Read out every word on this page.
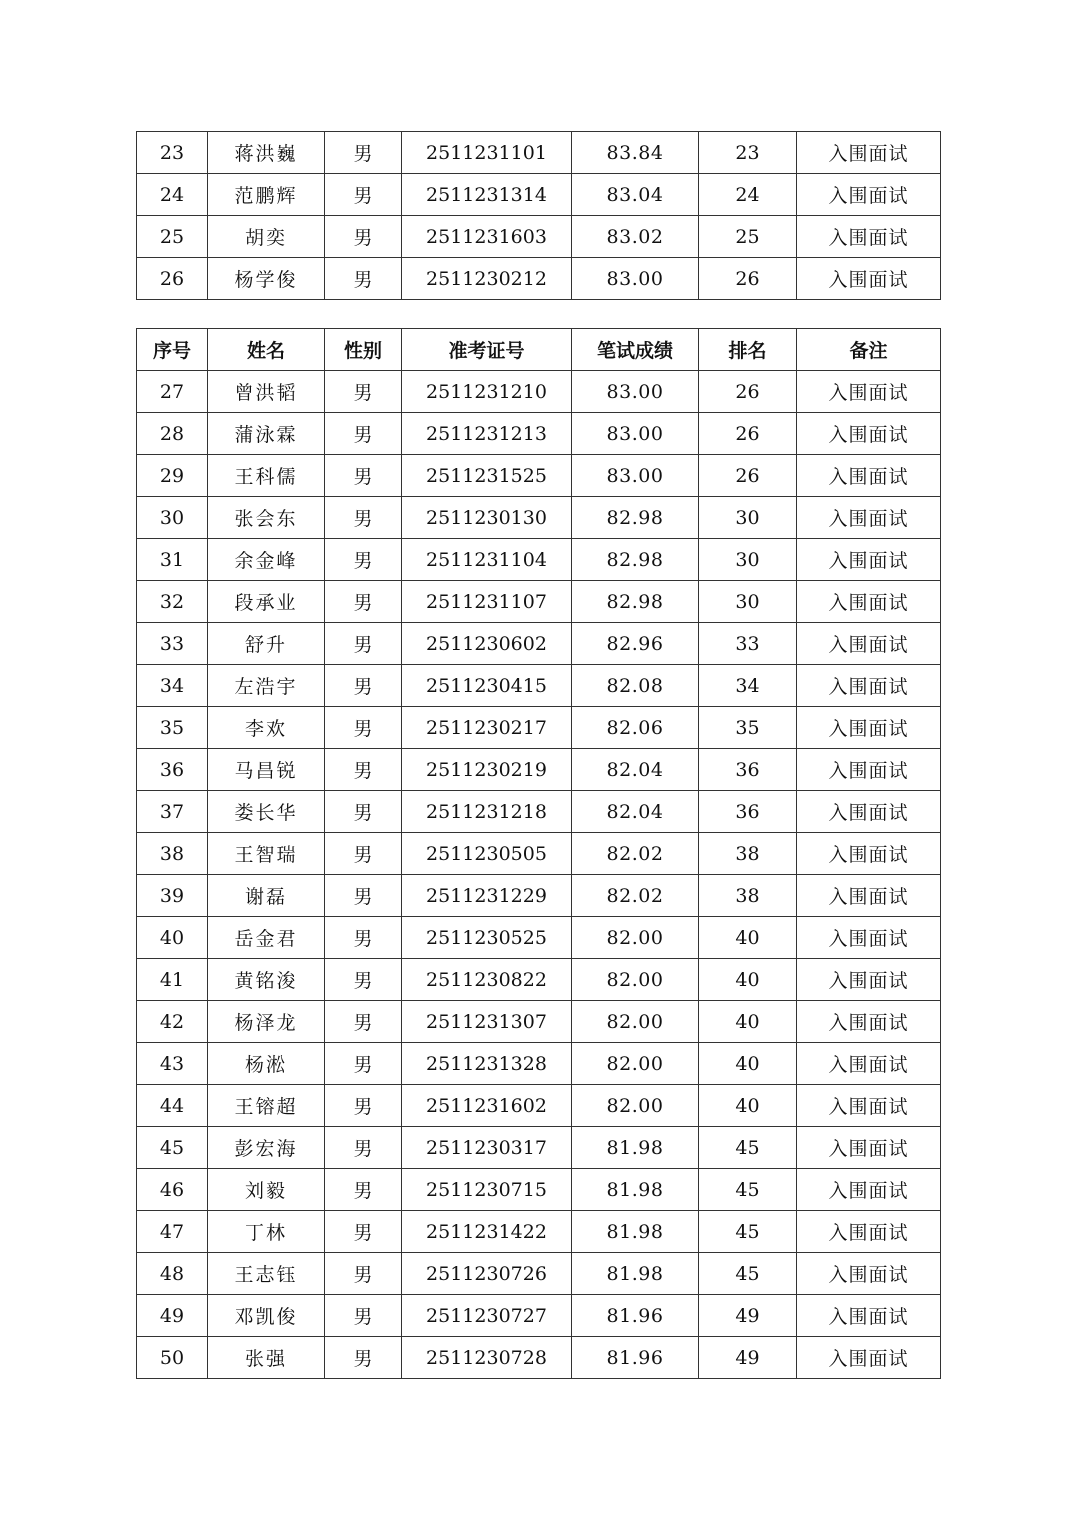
23	蒋洪巍	男	2511231101	83.84	23	入围面试
24	范鹏辉	男	2511231314	83.04	24	入围面试
25	胡奕	男	2511231603	83.02	25	入围面试
26	杨学俊	男	2511230212	83.00	26	入围面试
序号	姓名	性别	准考证号	笔试成绩	排名	备注
27	曾洪韬	男	2511231210	83.00	26	入围面试
28	蒲泳霖	男	2511231213	83.00	26	入围面试
29	王科儒	男	2511231525	83.00	26	入围面试
30	张会东	男	2511230130	82.98	30	入围面试
31	余金峰	男	2511231104	82.98	30	入围面试
32	段承业	男	2511231107	82.98	30	入围面试
33	舒升	男	2511230602	82.96	33	入围面试
34	左浩宇	男	2511230415	82.08	34	入围面试
35	李欢	男	2511230217	82.06	35	入围面试
36	马昌锐	男	2511230219	82.04	36	入围面试
37	娄长华	男	2511231218	82.04	36	入围面试
38	王智瑞	男	2511230505	82.02	38	入围面试
39	谢磊	男	2511231229	82.02	38	入围面试
40	岳金君	男	2511230525	82.00	40	入围面试
41	黄铭浚	男	2511230822	82.00	40	入围面试
42	杨泽龙	男	2511231307	82.00	40	入围面试
43	杨淞	男	2511231328	82.00	40	入围面试
44	王镕超	男	2511231602	82.00	40	入围面试
45	彭宏海	男	2511230317	81.98	45	入围面试
46	刘毅	男	2511230715	81.98	45	入围面试
47	丁林	男	2511231422	81.98	45	入围面试
48	王志钰	男	2511230726	81.98	45	入围面试
49	邓凯俊	男	2511230727	81.96	49	入围面试
50	张强	男	2511230728	81.96	49	入围面试
